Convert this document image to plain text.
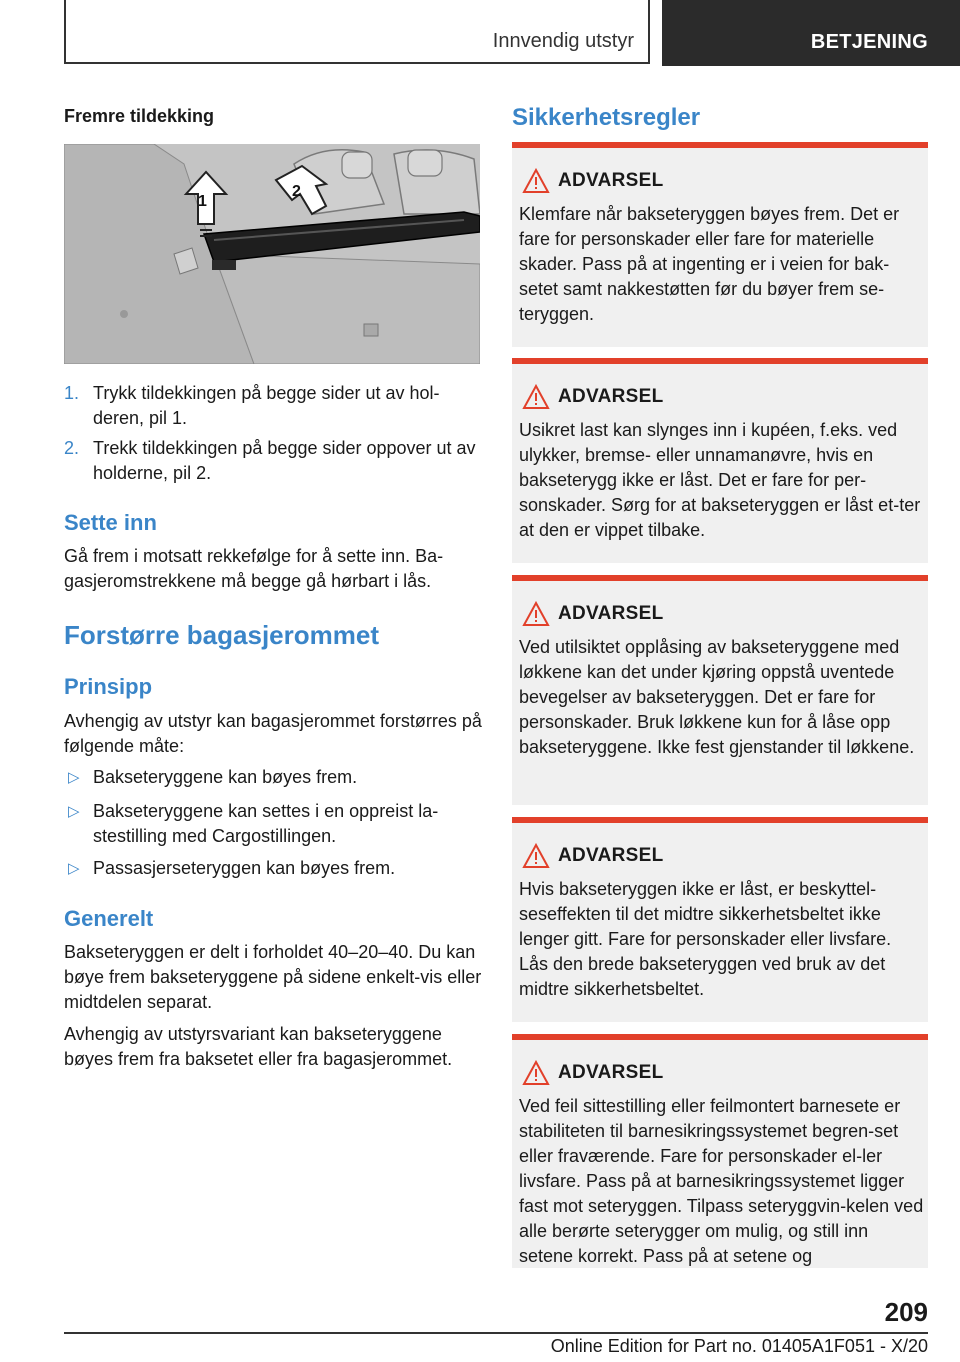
Innvendig utstyr	BETJENING
Fremre tildekking
1
2
1. Trykk tildekkingen på begge sider ut av hol-deren, pil 1.
2. Trekk tildekkingen på begge sider oppover ut av holderne, pil 2.
Sette inn
Gå frem i motsatt rekkefølge for å sette inn. Ba-gasjeromstrekkene må begge gå hørbart i lås.
Forstørre bagasjerommet
Prinsipp
Avhengig av utstyr kan bagasjerommet forstørres på følgende måte:
▷ Bakseteryggene kan bøyes frem.
▷ Bakseteryggene kan settes i en oppreist la-stestilling med Cargostillingen.
▷ Passasjerseteryggen kan bøyes frem.
Generelt
Bakseteryggen er delt i forholdet 40–20–40. Du kan bøye frem bakseteryggene på sidene enkelt-vis eller midtdelen separat.
Avhengig av utstyrsvariant kan bakseteryggene bøyes frem fra baksetet eller fra bagasjerommet.
Sikkerhetsregler
ADVARSEL
Klemfare når bakseteryggen bøyes frem. Det er fare for personskader eller fare for materielle skader. Pass på at ingenting er i veien for bak-setet samt nakkestøtten før du bøyer frem se-teryggen.
ADVARSEL
Usikret last kan slynges inn i kupéen, f.eks. ved ulykker, bremse- eller unnamanøvre, hvis en bakseterygg ikke er låst. Det er fare for per-sonskader. Sørg for at bakseteryggen er låst et-ter at den er vippet tilbake.
ADVARSEL
Ved utilsiktet opplåsing av bakseteryggene med løkkene kan det under kjøring oppstå uventede bevegelser av bakseteryggen. Det er fare for personskader. Bruk løkkene kun for å låse opp bakseteryggene. Ikke fest gjenstander til løkkene.
ADVARSEL
Hvis bakseteryggen ikke er låst, er beskyttel-seseffekten til det midtre sikkerhetsbeltet ikke lenger gitt. Fare for personskader eller livsfare. Lås den brede bakseteryggen ved bruk av det midtre sikkerhetsbeltet.
ADVARSEL
Ved feil sittestilling eller feilmontert barnesete er stabiliteten til barnesikringssystemet begren-set eller fraværende. Fare for personskader el-ler livsfare. Pass på at barnesikringssystemet ligger fast mot seteryggen. Tilpass seteryggvin-kelen ved alle berørte seterygger om mulig, og still inn setene korrekt. Pass på at setene og
209
Online Edition for Part no. 01405A1F051 - X/20
